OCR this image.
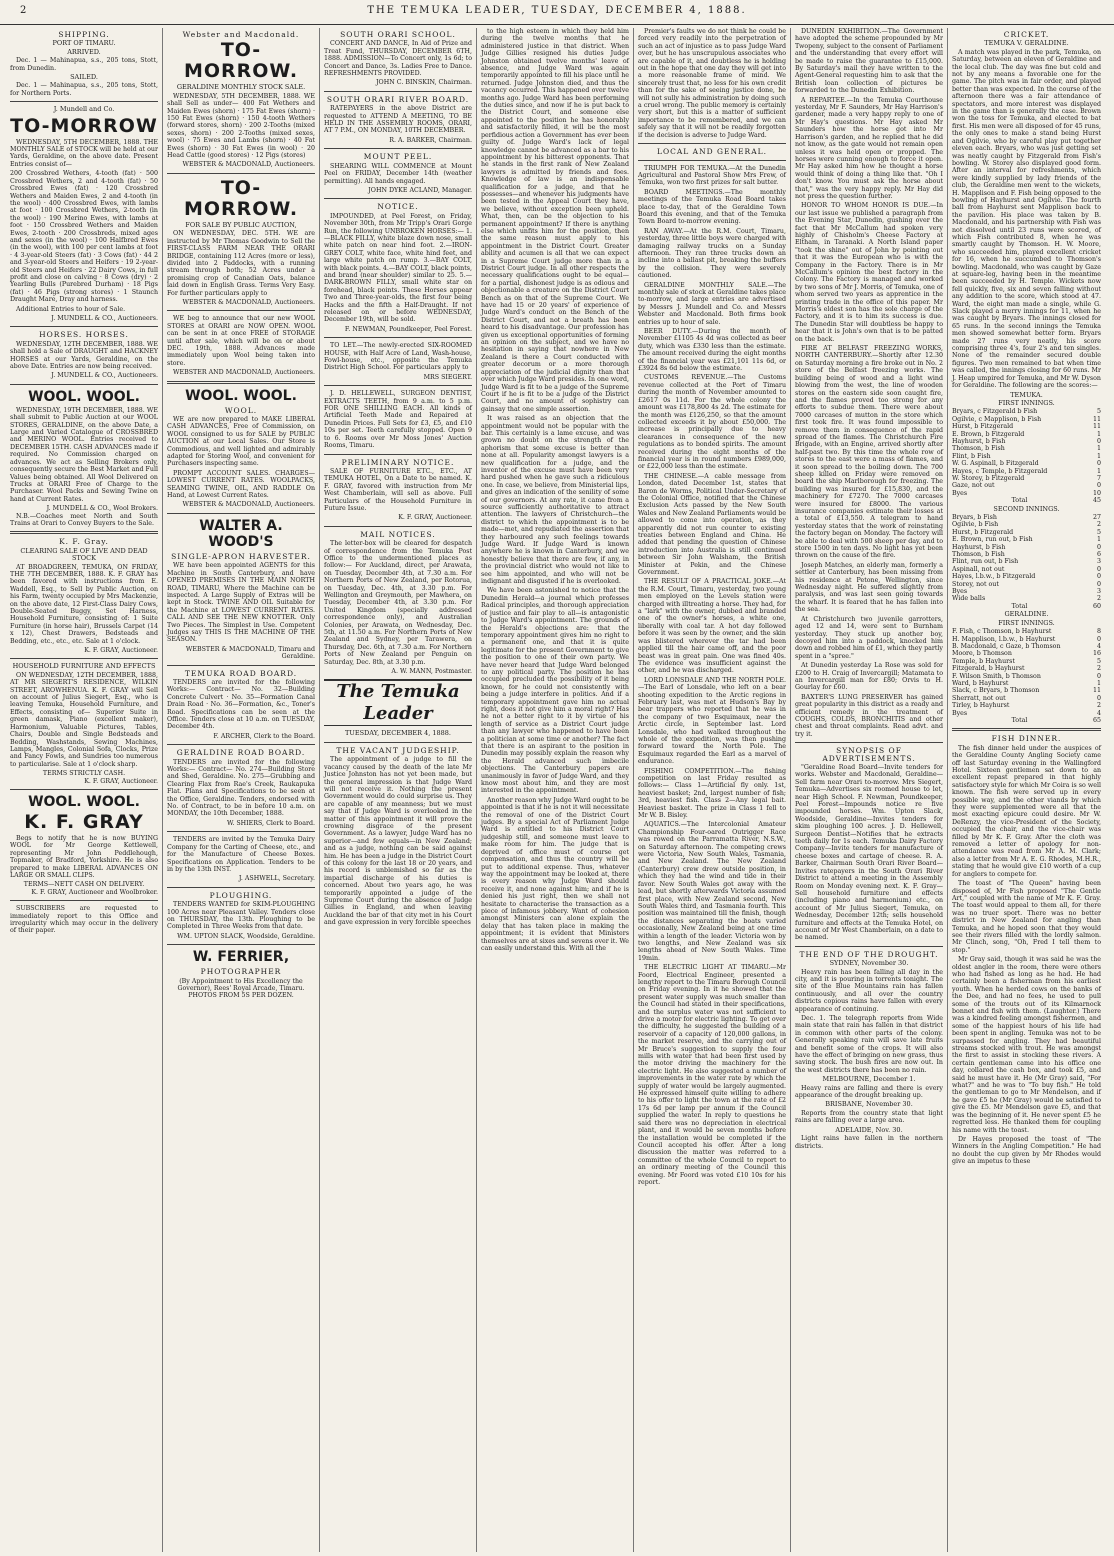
2	THE TEMUKA LEADER, TUESDAY, DECEMBER 4, 1888.
SHIPPING.
PORT OF TIMARU.
ARRIVED.

Dec. 1 — Mahinapua, s.s., 205 tons, Stott, from Dunedin.

SAILED.

Dec. 1 — Mahinapua, s.s., 205 tons, Stott, for Northern Ports.

J. Mundell and Co.
TO-MORROW

WEDNESDAY, 5TH DECEMBER, 1888. THE MONTHLY SALE of STOCK will be held at our Yards, Geraldine, on the above date. Present Entries consist of—

200 Crossbred Wethers, 4-tooth (fat) · 500 Crossbred Wethers, 2 and 4-tooth (fat) · 50 Crossbred Ewes (fat) · 120 Crossbred Wethers and Maiden Ewes, 2 and 4-tooth (in the wool) · 400 Crossbred Ewes, with lambs at foot · 100 Crossbred Wethers, 2-tooth (in the wool) · 190 Merino Ewes, with lambs at foot · 150 Crossbred Wethers and Maiden Ewes, 2-tooth · 200 Crossbreds, mixed ages and sexes (in the wool) · 100 Halfbred Ewes (in the wool), with 100 per cent lambs at foot · 4 3-year-old Steers (fat) · 3 Cows (fat) · 44 2 and 3-year-old Steers and Heifers · 19 2-year-old Steers and Heifers · 22 Dairy Cows, in full profit and close on calving · 8 Cows (dry) · 2 Yearling Bulls (Purebred Durham) · 18 Pigs (fat) · 46 Pigs (strong stores) · 1 Staunch Draught Mare, Dray and harness.

Additional Entries to hour of Sale.

J. MUNDELL & CO., Auctioneers.
HORSES. HORSES.

WEDNESDAY, 12TH DECEMBER, 1888. WE shall hold a Sale of DRAUGHT and HACKNEY HORSES at our Yards, Geraldine, on the above Date. Entries are now being received.

J. MUNDELL & CO., Auctioneers.
WOOL. WOOL.

WEDNESDAY, 19TH DECEMBER, 1888. WE shall submit to Public Auction at our WOOL STORES, GERALDINE, on the above Date, a Large and Varied Catalogue of CROSSBRED and MERINO WOOL. Entries received to DECEMBER 15TH. CASH ADVANCES made if required. No Commission charged on advances. We act as Selling Brokers only, consequently secure the Best Market and Full Values being obtained. All Wool Delivered on Trucks at ORARI Free of Charge to the Purchaser. Wool Packs and Sewing Twine on hand at Current Rates.

J. MUNDELL & CO., Wool Brokers.

N.B.—Coaches meet North and South Trains at Orari to Convey Buyers to the Sale.

K. F. Gray.
CLEARING SALE OF LIVE AND DEAD STOCK

AT BROADGREEN, TEMUKA, ON FRIDAY, THE 7TH DECEMBER, 1888. K. F. GRAY has been favored with instructions from E. Waddell, Esq., to Sell by Public Auction, on his Farm, twenty occupied by Mrs Mackenzie, on the above date, 12 First-Class Dairy Cows, Double-Seated Buggy, Set Harness, Household Furniture, consisting of: 1 Suite Furniture (in horse hair), Brussels Carpet (14 x 12), Chest Drawers, Bedsteads and Bedding, etc., etc., etc. Sale at 1 o'clock.

K. F. GRAY, Auctioneer.
HOUSEHOLD FURNITURE AND EFFECTS

ON WEDNESDAY, 12TH DECEMBER, 1888, AT MR SIEGERT'S RESIDENCE, WILKIN STREET, AROWHENUA. K. F. GRAY will Sell on account of Julius Siegert, Esq., who is leaving Temuka, Household Furniture, and Effects, consisting of— Superior Suite in green damask, Piano (excellent maker), Harmonium, Valuable Pictures, Tables, Chairs, Double and Single Bedsteads and Bedding, Washstands, Sewing Machines, Lamps, Mangles, Colonial Sofa, Clocks, Prize and Fancy Fowls, and Sundries too numerous to particularise. Sale at 1 o'clock sharp.

TERMS STRICTLY CASH.
K. F. GRAY, Auctioneer.
WOOL. WOOL.
K. F. GRAY

Begs to notify that he is now BUYING WOOL for Mr George Kettlewell, representing Mr John Peddlehough, Topmaker, of Bradford, Yorkshire. He is also prepared to make LIBERAL ADVANCES ON LARGE OR SMALL CLIPS.

TERMS—NETT CASH ON DELIVERY.
K. F. GRAY, Auctioneer and Woolbroker.

SUBSCRIBERS are requested to immediately report to this Office and irregularity which may occur in the delivery of their paper.

Webster and Macdonald.
TO-MORROW.
GERALDINE MONTHLY STOCK SALE.

WEDNESDAY, 5TH DECEMBER, 1888. WE shall Sell as under— 400 Fat Wethers and Maiden Ewes (shorn) · 175 Fat Ewes (shorn) · 150 Fat Ewes (shorn) · 150 4-tooth Wethers (forward stores, shorn) · 200 2-Tooths (mixed sexes, shorn) · 200 2-Tooths (mixed sexes, wool) · 75 Ewes and Lambs (shorn) · 40 Fat Ewes (shorn) · 30 Fat Ewes (in wool) · 20 Head Cattle (good stores) · 12 Pigs (stores)

WEBSTER & MACDONALD, Auctioneers.
TO-MORROW.
FOR SALE BY PUBLIC AUCTION,

ON WEDNESDAY, DEC. 5TH. WE are instructed by Mr Thomas Goodwin to Sell the FIRST-CLASS FARM NEAR THE ORARI BRIDGE, containing 112 Acres (more or less), divided into 2 Paddocks, with a running stream through both; 52 Acres under a promising crop of Canadian Oats, balance laid down in English Grass. Terms Very Easy. For further particulars apply to

WEBSTER & MACDONALD, Auctioneers.

WE beg to announce that our new WOOL STORES at ORARI are NOW OPEN. WOOL can be sent in at once FREE of STORAGE until after sale, which will be on or about DEC. 19th, 1888. Advances made immediately upon Wool being taken into store.

WEBSTER AND MACDONALD, Auctioneers.
WOOL. WOOL.
WOOL.

WE are now prepared to MAKE LIBERAL CASH ADVANCES, Free of Commission, on WOOL consigned to us for SALE by PUBLIC AUCTION at our Local Sales. Our Store is Commodious, and well lighted and admirably adapted for Storing Wool, and convenient for Purchasers inspecting same.

PROMPT ACCOUNT SALES. CHARGES—LOWEST CURRENT RATES. WOOLPACKS, SEAMING TWINE, OIL, AND RADDLE On Hand, at Lowest Current Rates.

WEBSTER & MACDONALD, Auctioneers.
WALTER A. WOOD'S
SINGLE-APRON HARVESTER.

WE have been appointed AGENTS for this Machine in South Canterbury, and have OPENED PREMISES IN THE MAIN NORTH ROAD, TIMARU, Where the Machine can be inspected. A Large Supply of Extras will be kept in Stock. TWINE AND OIL Suitable for the Machine at LOWEST CURRENT RATES. CALL AND SEE THE NEW KNOTTER. Only Two Pieces. The Simplest in Use. Competent Judges say THIS IS THE MACHINE OF THE SEASON.

WEBSTER & MACDONALD, Timaru and Geraldine.
TEMUKA ROAD BOARD.

TENDERS are invited for the following Works:— Contract— No. 32—Building Concrete Culvert · No. 35—Formation Canal Drain Road · No. 36—Formation, &c., Toner's Road. Specifications can be seen at the Office. Tenders close at 10 a.m. on TUESDAY, December 4th.

F. ARCHER, Clerk to the Board.
GERALDINE ROAD BOARD.

TENDERS are invited for the following Works:— Contract— No. 274—Building Store and Shed, Geraldine. No. 275—Grubbing and Clearing Flax from Rae's Creek, Raukapuka Flat. Plans and Specifications to be seen at the Office, Geraldine. Tenders, endorsed with No. of Contract, to be in before 10 a.m. on MONDAY, the 10th December, 1888.

W. SHIERS, Clerk to Board.

TENDERS are invited by the Temuka Dairy Company for the Carting of Cheese, etc., and for the Manufacture of Cheese Boxes. Specifications on Application. Tenders to be in by the 13th INST.

J. ASHWELL, Secretary.
PLOUGHING.

TENDERS WANTED for SKIM-PLOUGHING 100 Acres near Pleasant Valley. Tenders close on THURSDAY, the 13th. Ploughing to be Completed in Three Weeks from that date.

WM. UPTON SLACK, Woodside, Geraldine.
W. FERRIER,
PHOTOGRAPHER

(By Appointment to His Excellency the Governor), Rees' Royal Arcade, Timaru. PHOTOS FROM 5S PER DOZEN.

SOUTH ORARI SCHOOL.

CONCERT AND DANCE, In Aid of Prize and Treat Fund, THURSDAY, DECEMBER 6TH, 1888. ADMISSION—To Concert only, 1s 6d; to Concert and Dance, 3s. Ladies Free to Dance. REFRESHMENTS PROVIDED.

JOHN C. BINSKIN, Chairman.
SOUTH ORARI RIVER BOARD.

RATEPAYERS in the above District are requested to ATTEND A MEETING, TO BE HELD IN THE ASSEMBLY ROOMS, ORARI, AT 7 P.M., ON MONDAY, 10TH DECEMBER.

R. A. BARKER, Chairman.
MOUNT PEEL.

SHEARING WILL COMMENCE at Mount Peel on FRIDAY, December 14th (weather permitting). All hands engaged.

JOHN DYKE ACLAND, Manager.
NOTICE.

IMPOUNDED, at Peel Forest, on Friday, November 30th, from Mr Tripp's Orari Gorge Run, the following UNBROKEN HORSES:— 1.—BLACK FILLY, white blaze down nose, small white patch on near hind foot. 2.—IRON-GREY COLT, white face, white hind feet, and large white patch on rump. 3.—BAY COLT, with black points. 4.—BAY COLT, black points, and brand (near shoulder) similar to 25. 5.—DARK-BROWN FILLY, small white star on forehead, black points. These Horses appear Two and Three-year-olds, the first four being Hacks and the fifth a Half-Draught. If not released on or before WEDNESDAY, December 19th, will be sold.

F. NEWMAN, Poundkeeper, Peel Forest.

TO LET.—The newly-erected SIX-ROOMED HOUSE, with Half Acre of Land, Wash-house, Fowl-house, etc., opposite the Temuka District High School. For particulars apply to

MRS SIEGERT.

J. D. HELLEWELL, SURGEON DENTIST, EXTRACTS TEETH, from 9 a.m. to 5 p.m. FOR ONE SHILLING EACH. All kinds of Artificial Teeth Made and Repaired at Dunedin Prices. Full Sets for £3, £5, and £10 10s per set. Teeth carefully stopped. Open 9 to 6. Rooms over Mr Moss Jones' Auction Rooms, Timaru.

PRELIMINARY NOTICE.

SALE OF FURNITURE ETC., ETC., AT TEMUKA HOTEL, On a Date to be named. K. F. GRAY, favored with instruction from Mr West Chamberlain, will sell as above. Full Particulars of the Household Furniture in Future Issue.

K. F. GRAY, Auctioneer.
MAIL NOTICES.

The letter-box will be cleared for despatch of correspondence from the Temuka Post Office to the undermentioned places as follow:— For Auckland, direct, per Arawata, on Tuesday, December 4th, at 7.30 a.m. For Northern Ports of New Zealand, per Rotorua, on Tuesday, Dec. 4th, at 3.30 p.m. For Wellington and Greymouth, per Mawhera, on Tuesday, December 4th, at 3.30 p.m. For United Kingdom (specially addressed correspondence only), and Australian Colonies, per Arawata, on Wednesday, Dec. 5th, at 11.50 a.m. For Northern Ports of New Zealand and Sydney, per Tarawera, on Thursday, Dec. 6th, at 7.30 a.m. For Northern Ports of New Zealand per Penguin on Saturday, Dec. 8th, at 3.30 p.m.

A. W. MANN, Postmaster.
The Temuka Leader
TUESDAY, DECEMBER 4, 1888.
THE VACANT JUDGESHIP.

The appointment of a judge to fill the vacancy caused by the death of the late Mr Justice Johnston has not yet been made, but the general impression is that Judge Ward will not receive it. Nothing the present Government would do could surprise us. They are capable of any meanness; but we must say that if Judge Ward is overlooked in the matter of this appointment it will prove the crowning disgrace of the present Government. As a lawyer, Judge Ward has no superior—and few equals—in New Zealand; and as a judge, nothing can be said against him. He has been a judge in the District Court of this colony for the last 18 or 20 years, and his record is unblemished so far as the impartial discharge of his duties is concerned. About two years ago, he was temporarily appointed a judge of the Supreme Court during the absence of Judge Gillies in England, and when leaving Auckland the bar of that city met in his Court and gave expression in very forcible speeches

to the high esteem in which they held him during the twelve months that he administered justice in that district. When Judge Gillies resigned his duties Judge Johnston obtained twelve months' leave of absence, and Judge Ward was again temporarily appointed to fill his place until he returned. Judge Johnston died, and thus the vacancy occurred. This happened over twelve months ago. Judge Ward has been performing the duties since, and now if he is put back to the District Court, and someone else appointed to the position he has honorably and satisfactorily filled, it will be the most perfidious action a Government has ever been guilty of. Judge Ward's lack of legal knowledge cannot be advanced as a bar to his appointment by his bitterest opponents. That he stands in the first rank of New Zealand lawyers is admitted by friends and foes. Knowledge of law is an indispensable qualification for a judge, and that he possesses—and whenever his judgments have been tested in the Appeal Court they have, we believe, without exception been upheld. What, then, can be the objection to his permanent appointment? If there is anything else which unfits him for the position, then the same reason must apply to his appointment in the District Court. Greater ability and acumen is all that we can expect in a Supreme Court judge more than in a District Court judge. In all other respects the necessary qualifications ought to be equal—for a partial, dishonest judge is as odious and objectionable a creature on the District Court Bench as on that of the Supreme Court. We have had 15 or 20 years' of experience of Judge Ward's conduct on the Bench of the District Court, and not a breath has been heard to his disadvantage. Our profession has given us exceptional opportunities of forming an opinion on the subject, and we have no hesitation in saying that nowhere in New Zealand is there a Court conducted with greater decorum or a more thorough appreciation of the judicial dignity than that over which Judge Ward presides. In one word, Judge Ward is fit to be a judge of the Supreme Court if he is fit to be a judge of the District Court, and no amount of sophistry can gainsay that one simple assertion.

It was raised as an objection that the appointment would not be popular with the bar. This certainly is a lame excuse, and was grown no doubt on the strength of the aphorism that some excuse is better than none at all. Popularity amongst lawyers is a new qualification for a judge, and the inventor of the excuse must have been very hard pushed when he gave such a ridiculous one. In case, we believe, from Ministerial lips, and gives an indication of the senility of some of our governors. At any rate, it came from a source sufficiently authoritative to attract attention. The lawyers of Christchurch—the district to which the appointment is to be made—met, and repudiated the assertion that they harboured any such feelings towards Judge Ward. If Judge Ward is known anywhere he is known in Canterbury, and we honestly believe that there are few, if any, in the provincial district who would not like to see him appointed, and who will not be indignant and disgusted if he is overlooked.

We have been astonished to notice that the Dunedin Herald—a journal which professes Radical principles, and thorough appreciation of justice and fair play to all—is antagonistic to Judge Ward's appointment. The grounds of the Herald's objections are: that the temporary appointment gives him no right to a permanent one, and that it is quite legitimate for the present Government to give the position to one of their own party. We have never heard that Judge Ward belonged to any political party. The position he has occupied precluded the possibility of it being known, for he could not consistently with being a judge interfere in politics. And if a temporary appointment gave him no actual right, does it not give him a moral right? Has he not a better right to it by virtue of his length of service as a District Court judge than any lawyer who happened to have been a politician at some time or another? The fact that there is an aspirant to the position in Dunedin may possibly explain the reason why the Herald advanced such imbecile objections. The Canterbury papers are unanimously in favor of Judge Ward, and they know most about him, and they are most interested in the appointment.

Another reason why Judge Ward ought to be appointed is that if he is not it will necessitate the removal of one of the District Court judges. By a special Act of Parliament Judge Ward is entitled to his District Court judgeship still, and someone must leave to make room for him. The judge that is deprived of office must of course get compensation, and thus the country will be put to additional expense. Thus, whatever way the appointment may be looked at, there is every reason why Judge Ward should receive it, and none against him; and if he is denied his just right, then we shall not hesitate to characterise the transaction as a piece of infamous jobbery. Want of cohesion amongst Ministers can alone explain the delay that has taken place in making the appointment; it is evident that Ministers themselves are at sixes and sevens over it. We can easily understand this. With all the

Premier's faults we do not think he could be forced very readily into the perpetration of such an act of injustice as to pass Judge Ward over, but he has unscrupulous associates who are capable of it, and doubtless he is holding out in the hope that one day they will get into a more reasonable frame of mind. We sincerely trust that, no less for his own credit than for the sake of seeing justice done, he will not sully his administration by doing such a cruel wrong. The public memory is certainly very short, but this is a matter of sufficient importance to be remembered, and we can safely say that it will not be readily forgotten if the decision is adverse to Judge Ward.

LOCAL AND GENERAL.

TRIUMPH FOR TEMUKA.—At the Dunedin Agricultural and Pastoral Show Mrs Frew, of Temuka, won two first prizes for salt butter.

BOARD MEETINGS.—The monthly meetings of the Temuka Road Board takes place to-day, that of the Geraldine Town Board this evening, and that of the Temuka Town Board to-morrow evening.

RAN AWAY.—At the R.M. Court, Timaru, yesterday, three little boys were charged with damaging railway trucks on a Sunday afternoon. They ran three trucks down an incline into a ballast pit, breaking the buffers by the collision. They were severely cautioned.

GERALDINE MONTHLY SALE.—The monthly sale of stock at Geraldine takes place to-morrow, and large entries are advertised by Messrs J. Mundell and Co. and Messrs Webster and Macdonald. Both firms book entries up to hour of sale.

BEER DUTY.—During the month of November £1105 4s 4d was collected as beer duty, which was £330 less than the estimate. The amount received during the eight months of the financial year was £21,101 11s 6d, or £3924 8s 6d below the estimate.

CUSTOMS REVENUE.—The Customs revenue collected at the Port of Timaru during the month of November amounted to £2617 0s 11d. For the whole colony the amount was £178,800 4s 2d. The estimate for the month was £126,250, so that the amount collected exceeds it by about £50,000. The increase is principally due to heavy clearances in consequence of the new regulations as to bonded spirits. The amount received during the eight months of the financial year is in round numbers £989,000, or £22,000 less than the estimate.

THE CHINESE.—A cable message from London, dated December 1st, states that Baron de Worms, Political Under-Secretary of the Colonial Office, notified that the Chinese Exclusion Acts passed by the New South Wales and New Zealand Parliaments would be allowed to come into operation, as they apparently did not run counter to existing treaties between England and China. He added that pending the question of Chinese introduction into Australia is still continued between Sir John Walsham, the British Minister at Pekin, and the Chinese Government.

THE RESULT OF A PRACTICAL JOKE.—At the R.M. Court, Timaru, yesterday, two young men employed on the Levels station were charged with illtreating a horse. They had, for a "lark" with the owner, dubbed and branded one of the owner's horses, a white one, liberally with coal tar. A hot day followed before it was seen by the owner, and the skin was blistered wherever the tar had been applied till the hair came off, and the poor beast was in great pain. One was fined 40s. The evidence was insufficient against the other, and he was discharged.

LORD LONSDALE AND THE NORTH POLE.—The Earl of Lonsdale, who left on a bear shooting expedition to the Arctic regions in February last, was met at Hudson's Bay by bear trappers who reported that he was in the company of two Esquimaux, near the Arctic circle, in September last. Lord Lonsdale, who had walked throughout the whole of the expedition, was then pushing forward toward the North Pole. The Esquimaux regarded the Earl as a marvel of endurance.

FISHING COMPETITION.—The fishing competition on last Friday resulted as follows:— Class 1—Artificial fly only. 1st, heaviest basket; 2nd, largest number of fish; 3rd, heaviest fish. Class 2—Any legal bait. Heaviest basket. The prize in Class 1 fell to Mr W. B. Bisley.

AQUATICS.—The Intercolonial Amateur Championship Four-oared Outrigger Race was rowed on the Parramatta River, N.S.W., on Saturday afternoon. The competing crews were Victoria, New South Wales, Tasmania, and New Zealand. The New Zealand (Canterbury) crew drew outside position, in which they had the wind and tide in their favor. New South Wales got away with the lead, but shortly afterwards Victoria assumed first place, with New Zealand second, New South Wales third, and Tasmania fourth. This position was maintained till the finish, though the distances separating the boats varied occasionally, New Zealand being at one time within a length of the leader. Victoria won by two lengths, and New Zealand was six lengths ahead of New South Wales. Time 19min.

THE ELECTRIC LIGHT AT TIMARU.—Mr Foord, Electrical Engineer, presented a lengthy report to the Timaru Borough Council on Friday evening. In it he showed that the present water supply was much smaller than the Council had stated in their specifications, and the surplus water was not sufficient to drive a motor for electric lighting. To get over the difficulty, he suggested the building of a reservoir of a capacity of 120,000 gallons, in the market reserve, and the carrying out of Mr Bruce's suggestion to supply the four mills with water that had been first used by the motor driving the machinery for the electric light. He also suggested a number of improvements in the water rate by which the supply of water would be largely augmented. He expressed himself quite willing to adhere to his offer to light the town at the rate of £2 17s 6d per lamp per annum if the Council supplied the water. In reply to questions he said there was no depreciation in electrical plant, and it would be seven months before the installation would be completed if the Council accepted his offer. After a long discussion the matter was referred to a committee of the whole Council to report to an ordinary meeting of the Council this evening. Mr Foord was voted £10 10s for his report.

DUNEDIN EXHIBITION.—The Government have adopted the scheme propounded by Mr Twopeny, subject to the consent of Parliament and the understanding that every effort will be made to raise the guarantee to £15,000. By Saturday's mail they have written to the Agent-General requesting him to ask that the British loan collection of pictures be forwarded to the Dunedin Exhibition.

A REPARTEE.—In the Temuka Courthouse yesterday, Mr F. Saunders, Mr Hay Harrison's gardener, made a very happy reply to one of Mr Hay's questions. Mr Hay asked Mr Saunders how the horse got into Mr Harrison's garden, and he replied that he did not know, as the gate would not remain open unless it was held open or propped. The horses were cunning enough to force it open. Mr Hay asked him how he thought a horse would think of doing a thing like that. "Oh I don't know. You must ask the horse about that," was the very happy reply. Mr Hay did not press the question further.

HONOR TO WHOM HONOR IS DUE.—In our last issue we published a paragraph from the Evening Star, Dunedin, gushing over the fact that Mr McCallum had spoken very highly of Chisholm's Cheese Factory at Eltham, in Taranaki. A North Island paper "took the shine" out of John by pointing out that it was the European who is with the Company in the Factory. There is in Mr McCallum's opinion the best factory in the Colony. The Factory is managed and worked by two sons of Mr J. Morris, of Temuka, one of whom served two years as apprentice in the printing trade in the office of this paper. Mr Morris's eldest son has the sole charge of the Factory, and it is to him its success is due. The Dunedin Star will doubtless be happy to hear that it is John's own that is to be patted on the back.

FIRE AT BELFAST FREEZING WORKS, NORTH CANTERBURY.—Shortly after 12.30 on Saturday morning a fire broke out in No. 2 store of the Belfast freezing works. The building being of wood and a light wind blowing from the west, the line of wooden stores on the eastern side soon caught fire, and the flames proved too strong for any efforts to subdue them. There were about 7000 carcases of mutton in the store which first took fire. It was found impossible to remove them in consequence of the rapid spread of the flames. The Christchurch Fire Brigade, with an Engine, arrived shortly after half-past two. By this time the whole row of stores to the east were a mass of flames, and it soon spread to the boiling down. The 700 sheep killed on Friday were removed on board the ship Marlborough for freezing. The building was insured for £15,830, and the machinery for £7270. The 7000 carcases were insured for £8000. The various insurance companies estimate their losses at a total of £13,550. A telegram to hand yesterday states that the work of reinstating the factory began on Monday. The factory will be able to deal with 500 sheep per day, and to store 1500 in ten days. No light has yet been thrown on the cause of the fire.

Joseph Matches, an elderly man, formerly a settler at Canterbury, has been missing from his residence at Petone, Wellington, since Wednesday night. He suffered slightly from paralysis, and was last seen going towards the wharf. It is feared that he has fallen into the sea.

At Christchurch two juvenile garrotters, aged 12 and 14, were sent to Burnham yesterday. They stuck up another boy, decoyed him into a paddock, knocked him down and robbed him of £1, which they partly spent in a "spree."

At Dunedin yesterday La Rose was sold for £200 to H. Craig of Invercargill; Matamata to an Invercargill man for £80; Orvis to H. Gourlay for £60.

BAXTER'S LUNG PRESERVER has gained great popularity in this district as a ready and efficient remedy in the treatment of COUGHS, COLDS, BRONCHITIS and other chest and throat complaints. Read advt. and try it.

SYNOPSIS OF ADVERTISEMENTS.

"Geraldine Road Board—Invite tenders for works. Webster and Macdonald, Geraldine—Sell farm near Orari to-morrow. Mrs Siegert, Temuka—Advertises six roomed house to let, near High School. F. Newman, Poundkeeper, Peel Forest—Impounds notice re five impounded horses. Wm. Upton Slack, Woodside, Geraldine—Invites tenders for skim ploughing 100 acres. J. D. Hellewell, Surgeon Dentist—Notifies that he extracts teeth daily for 1s each. Temuka Dairy Factory Company—Invite tenders for manufacture of cheese boxes and cartage of cheese. R. A. Barker, Chairman South Orari River Board—Invites ratepayers in the South Orari River District to attend a meeting in the Assembly Room on Monday evening next. K. F. Gray—Sell household furniture and effects (including piano and harmonium) etc., on account of Mr Julius Siegert, Temuka, on Wednesday, December 12th; sells household furniture and effects at the Temuka Hotel, on account of Mr West Chamberlain, on a date to be named.

THE END OF THE DROUGHT.
SYDNEY, November 30.

Heavy rain has been falling all day in the city, and it is pouring in torrents tonight. The site of the Blue Mountains rain has fallen continuously, and all over the country districts copious rains have fallen with every appearance of continuing.

Dec. 1. The telegraph reports from Wide main state that rain has fallen in that district in common with other parts of the colony. Generally speaking rain will save late fruits and benefit some of the crops. It will also have the effect of bringing on new grass, thus saving stock. The bush fires are now out. In the west districts there has been no rain.

MELBOURNE, December 1.

Heavy rains are falling and there is every appearance of the drought breaking up.

BRISBANE, November 30.

Reports from the country state that light rains are falling over a large area.

ADELAIDE, Nov. 30.

Light rains have fallen in the northern districts.

CRICKET.
TEMUKA V. GERALDINE.

A match was played in the park, Temuka, on Saturday, between an eleven of Geraldine and the local club. The day was fine but cold and not by any means a favorable one for the game. The pitch was in fair order, and played better than was expected. In the course of the afternoon there was a fair attendance of spectators, and more interest was displayed in the game than is generally the case. Brown won the toss for Temuka, and elected to bat first. His men were all disposed of for 45 runs, the only ones to make a stand being Hurst and Ogilvie, who by careful play put together eleven each. Bryars, who was just getting set was neatly caught by Fitzgerald from Fish's bowling. W. Storey also displayed good form. After an interval for refreshments, which were kindly supplied by lady friends of the club, the Geraldine men went to the wickets, H. Mapplison and F. Fish being opposed to the bowling of Hayhurst and Ogilvie. The fourth ball from Hayhurst sent Mapplison back to the pavilion. His place was taken by B. Macdonald, and his partnership with Fish was not dissolved until 23 runs were scored, of which Fish contributed 8, when he was smartly caught by Thomson. H. W. Moore, who succeeded him, played excellent cricket for 16, when he succumbed to Thomson's bowling. Macdonald, who was caught by Gaze at square-leg, having been in the meantime been succeeded by H. Temple. Wickets now fell quickly, five, six and seven falling without any addition to the score, which stood at 47. Ward, the eight man made a single, while G. Slack played a merry innings for 11, when he was caught by Bryars. The innings closed for 65 runs. In the second innings the Temuka men showed somewhat better form. Bryars made 27 runs very neatly, his score comprising three 4's, four 2's and ten singles. None of the remainder secured double figures. Two men remained to bat when time was called, the innings closing for 60 runs. Mr J. Heap umpired for Temuka, and Mr W. Dyson for Geraldine. The following are the scores:—

TEMUKA.
FIRST INNINGS.
Bryars, c Fitzgerald b Fish	5
Ogilvie, c Mapplison, b Fish	11
Hurst, b Fitzgerald	11
E. Brown, b Fitzgerald	1
Hayhurst, b Fish	0
Thomson, b Fish	1
Flint, b Fish	1
W. G. Aspinall, b Fitzgerald	0
Hayes, c Temple, b Fitzgerald	1
W. Storey, b Fitzgerald	7
Gaze, not out	0
Byes	10
Total	45
SECOND INNINGS.
Bryars, b Fish	27
Ogilvie, b Fish	2
Hurst, b Fitzgerald	5
E. Brown, run out, b Fish	1
Hayhurst, b Fish	0
Thomson, b Fish	6
Flint, run out, b Fish	3
Aspinall, not out	0
Hayes, l.b.w., b Fitzgerald	0
Storey, not out	0
Byes	3
Wide balls	2
Total	60
GERALDINE.
FIRST INNINGS.
F. Fish, c Thomson, b Hayhurst	8
H. Mapplison, l.b.w., b Hayhurst	0
B. Macdonald, c Gaze, b Thomson	4
Moore, b Thomson	16
Temple, b Hayhurst	5
Fitzgerald, b Hayhurst	2
F. Wilson Smith, b Thomson	0
Ward, b Hayhurst	1
Slack, c Bryars, b Thomson	11
Sherratt, not out	0
Tirley, b Hayhurst	2
Byes	4
Total	65
FISH DINNER.

The fish dinner held under the auspices of the Geraldine County Angling Society came off last Saturday evening in the Wallingford Hotel. Sixteen gentlemen sat down to an excellent repast prepared in that highly satisfactory style for which Mr Coira is so well known. The fish were served up in every possible way, and the other viands by which they were supplemented were all that the most exacting epicure could desire. Mr W. DeRenzy, the vice-President of the Society, occupied the chair, and the vice-chair was filled by Mr K. F. Gray. After the cloth was removed a letter of apology for non-attendance was read from Mr A. M. Clark; also a letter from Mr A. E. G. Rhodes, M.H.R., stating that he would give £10 worth of a cup for anglers to compete for.

The toast of "The Queen" having been disposed of, Mr Fish proposed "The Gentle Art," coupled with the name of Mr K. F. Gray. The toast would appeal to them all, for there was no truer sport. There was no better district in New Zealand for angling than Temuka, and he hoped soon that they would see their rivers filled with the lordly salmon. Mr Clinch, song, "Oh, Fred I tell them to stop."

Mr Gray said, though it was said he was the oldest angler in the room, there were others who had fished as long as he had. He had certainly been a fisherman from his earliest youth. When he herded cows on the banks of the Dee, and had no fees, he used to pull some of the trouts out of its Kilmarnock bonnet and fish with them. (Laughter.) There was a kindred feeling amongst fishermen, and some of the happiest hours of his life had been spent in angling. Temuka was not to be surpassed for angling. They had beautiful streams stocked with trout. He was amongst the first to assist in stocking these rivers. A certain gentleman came into his office one day, collared the cash box, and took £5, and said he must have it. He (Mr Gray) said, "For what?" and he was to "To buy fish." He told the gentleman to go to Mr Mendelson, and if he gave £5 he (Mr Gray) would be satisfied to give the £5. Mr Mendelson gave £5, and that was the beginning of it. He never spent £5 he regretted less. He thanked them for coupling his name with the toast.

Dr Hayes proposed the toast of "The Winners in the Angling Competition." He had no doubt the cup given by Mr Rhodes would give an impetus to these
